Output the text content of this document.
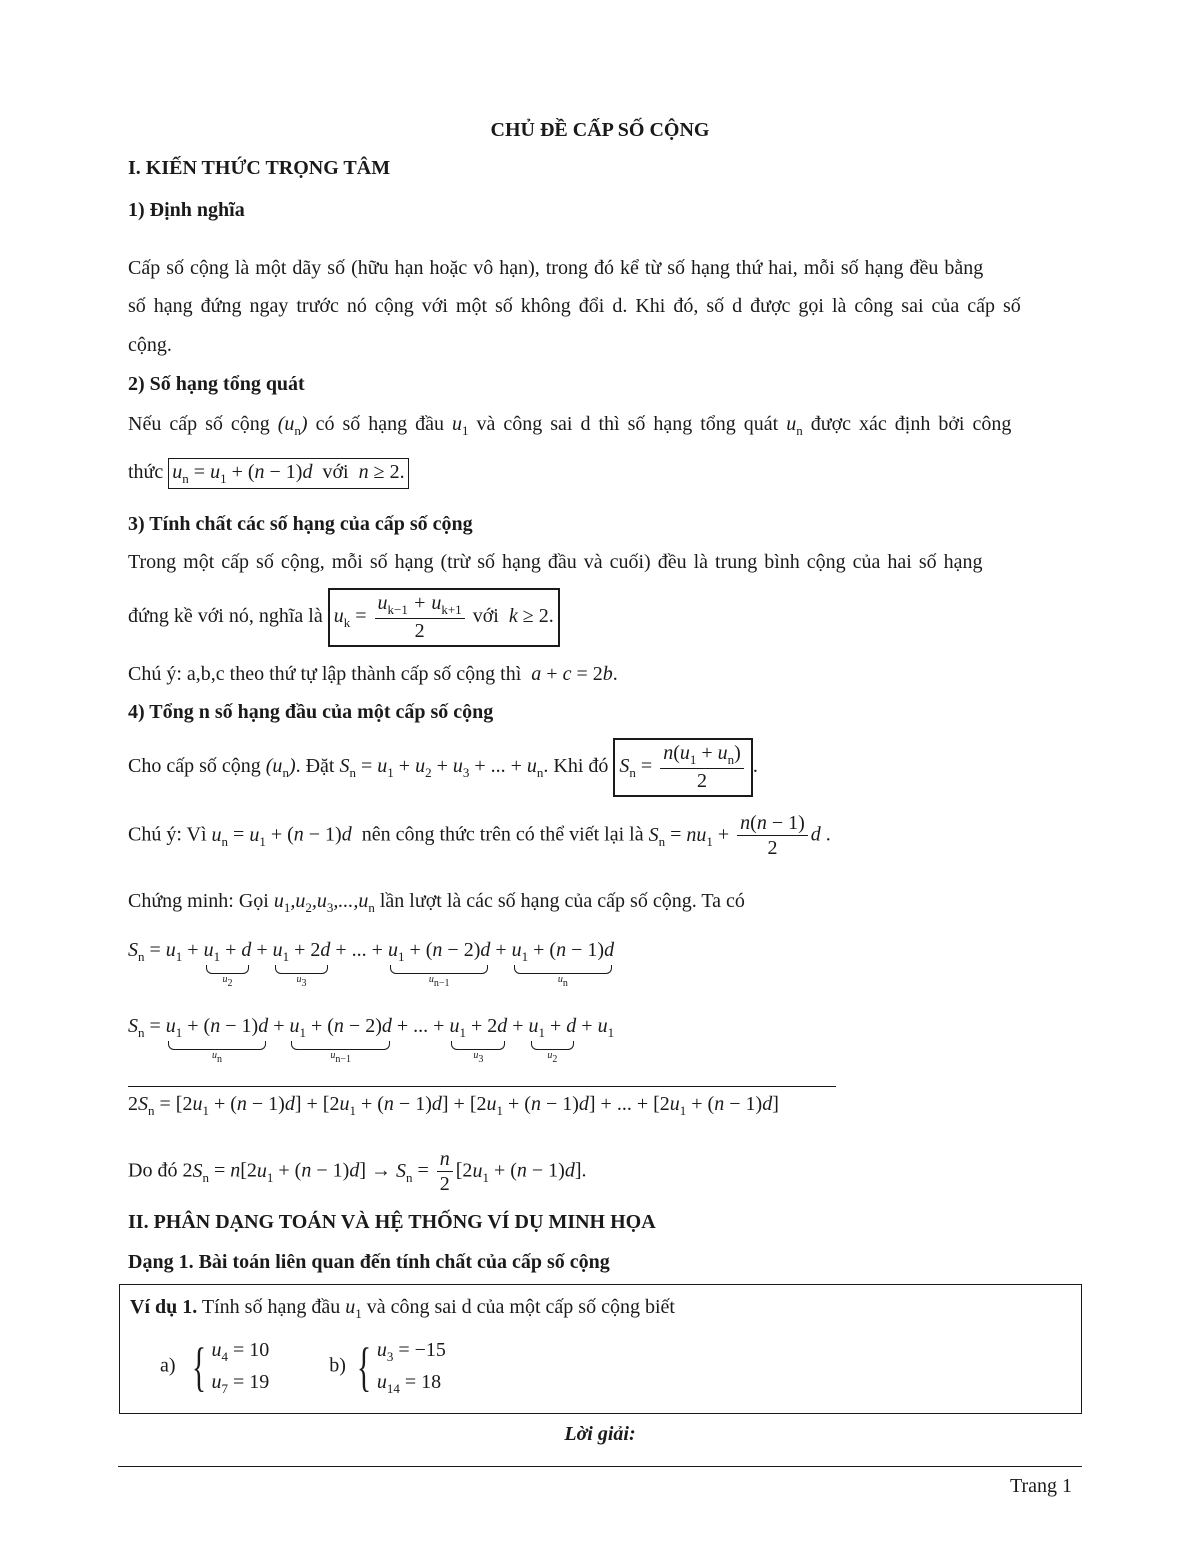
CHỦ ĐỀ CẤP SỐ CỘNG
I. KIẾN THỨC TRỌNG TÂM
1) Định nghĩa
Cấp số cộng là một dãy số (hữu hạn hoặc vô hạn), trong đó kể từ số hạng thứ hai, mỗi số hạng đều bằng
số hạng đứng ngay trước nó cộng với một số không đổi d. Khi đó, số d được gọi là công sai của cấp số
cộng.
2) Số hạng tổng quát
Nếu cấp số cộng $(u_n)$ có số hạng đầu $u_1$ và công sai d thì số hạng tổng quát $u_n$ được xác định bởi công
thức $u_n = u_1 + (n - 1)d$ với n ≥ 2.
3) Tính chất các số hạng của cấp số cộng
Trong một cấp số cộng, mỗi số hạng (trừ số hạng đầu và cuối) đều là trung bình cộng của hai số hạng
đứng kề với nó, nghĩa là $u_k = \frac{u_{k-1} + u_{k+1}}{2}$ với k ≥ 2.
Chú ý: a,b,c theo thứ tự lập thành cấp số cộng thì  a + c = 2b.
4) Tổng n số hạng đầu của một cấp số cộng
Cho cấp số cộng $(u_n)$. Đặt $S_n = u_1 + u_2 + u_3$ + ... + $u_n$. Khi đó $S_n = \frac{n(u_1 + u_n)}{2}$ .
Chú ý: Vì $u_n = u_1 + (n - 1)d$ nên công thức trên có thể viết lại là $S_n = nu_1 + \frac{n(n - 1)}{2}$ d .
Chứng minh: Gọi $u_1,u_2,u_3,...,u_n$ lần lượt là các số hạng của cấp số cộng. Ta có
$S_n = u_1 + u_1 + d$
u2
+ $u_1 + 2d$
u3
+ ... + $u_1 + (n - 2)d$
un−1
+ $u_1 + (n - 1)d$
un
$S_n = u_1 + (n - 1)d$
un
+ $u_1 + (n - 2)d$
un−1
+ ... + $u_1 + 2d$
u3
+ $u_1 + d$
u2
+ $u_1$
$2S_n = [2u_1 + (n - 1)d] + [2u_1 + (n - 1)d] + [2u_1 + (n - 1)d]$ + ... + $[2u_1 + (n - 1)d]$
Do đó $2S_n = n[2u_1 + (n - 1)d] \to S_n = \frac{n}{2} [2u_1 + (n - 1)d]$.
II. PHÂN DẠNG TOÁN VÀ HỆ THỐNG VÍ DỤ MINH HỌA
Dạng 1. Bài toán liên quan đến tính chất của cấp số cộng
Ví dụ 1. Tính số hạng đầu $u_1$ và công sai d của một cấp số cộng biết
a) { $u_4 = 10$
$u_7 = 19$
b) { $u_3 = -15$
$u_{14} = 18$
Lời giải:
Trang 1
